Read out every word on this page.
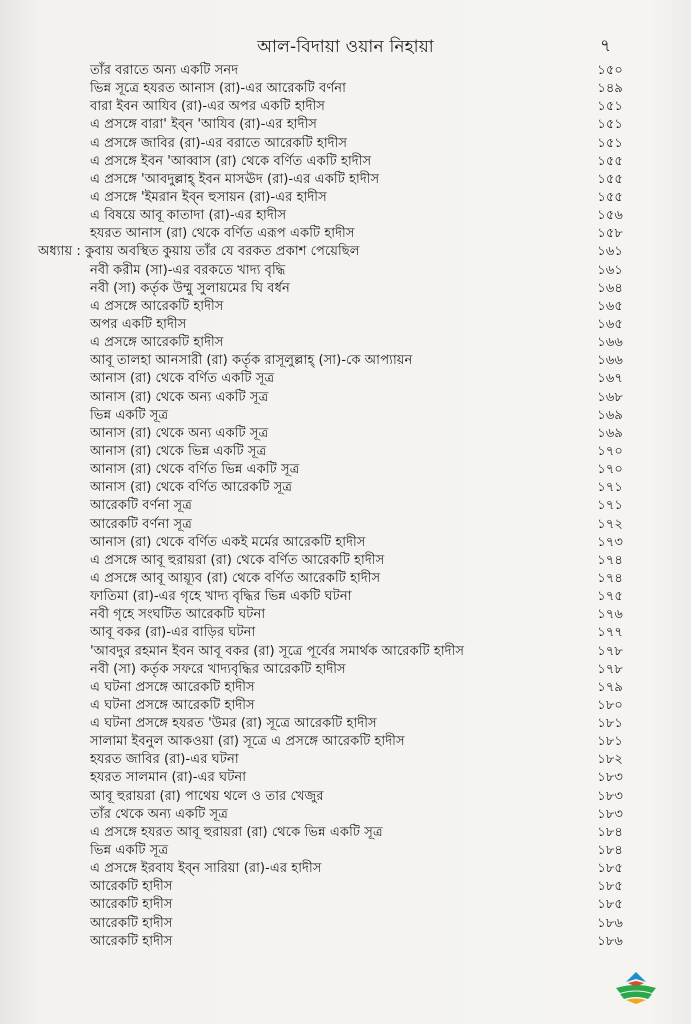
আল-বিদায়া ওয়ান নিহায়া	৭
তাঁর বরাতে অন্য একটি সনদ	১৫০
ভিন্ন সূত্রে হযরত আনাস (রা)-এর আরেকটি বর্ণনা	১৪৯
বারা ইবন আযিব (রা)-এর অপর একটি হাদীস	১৫১
এ প্রসঙ্গে বারা' ইব্‌ন 'আযিব (রা)-এর হাদীস	১৫১
এ প্রসঙ্গে জাবির (রা)-এর বরাতে আরেকটি হাদীস	১৫১
এ প্রসঙ্গে ইবন 'আব্বাস (রা) থেকে বর্ণিত একটি হাদীস	১৫৫
এ প্রসঙ্গে 'আবদুল্লাহ্ ইবন মাসঊদ (রা)-এর একটি হাদীস	১৫৫
এ প্রসঙ্গে 'ইমরান ইব্‌ন হুসায়ন (রা)-এর হাদীস	১৫৫
এ বিষয়ে আবূ কাতাদা (রা)-এর হাদীস	১৫৬
হযরত আনাস (রা) থেকে বর্ণিত এরূপ একটি হাদীস	১৫৮
অধ্যায় : কুবায় অবস্থিত কুয়ায় তাঁর যে বরকত প্রকাশ পেয়েছিল	১৬১
নবী করীম (সা)-এর বরকতে খাদ্য বৃদ্ধি	১৬১
নবী (সা) কর্তৃক উম্মু সুলায়মের ঘি বর্ধন	১৬৪
এ প্রসঙ্গে আরেকটি হাদীস	১৬৫
অপর একটি হাদীস	১৬৫
এ প্রসঙ্গে আরেকটি হাদীস	১৬৬
আবূ তালহা আনসারী (রা) কর্তৃক রাসূলুল্লাহ্ (সা)-কে আপ্যায়ন	১৬৬
আনাস (রা) থেকে বর্ণিত একটি সূত্র	১৬৭
আনাস (রা) থেকে অন্য একটি সূত্র	১৬৮
ভিন্ন একটি সূত্র	১৬৯
আনাস (রা) থেকে অন্য একটি সূত্র	১৬৯
আনাস (রা) থেকে ভিন্ন একটি সূত্র	১৭০
আনাস (রা) থেকে বর্ণিত ভিন্ন একটি সূত্র	১৭০
আনাস (রা) থেকে বর্ণিত আরেকটি সূত্র	১৭১
আরেকটি বর্ণনা সূত্র	১৭১
আরেকটি বর্ণনা সূত্র	১৭২
আনাস (রা) থেকে বর্ণিত একই মর্মের আরেকটি হাদীস	১৭৩
এ প্রসঙ্গে আবূ হুরায়রা (রা) থেকে বর্ণিত আরেকটি হাদীস	১৭৪
এ প্রসঙ্গে আবূ আয়্যূব (রা) থেকে বর্ণিত আরেকটি হাদীস	১৭৪
ফাতিমা (রা)-এর গৃহে খাদ্য বৃদ্ধির ভিন্ন একটি ঘটনা	১৭৫
নবী গৃহে সংঘটিত আরেকটি ঘটনা	১৭৬
আবূ বকর (রা)-এর বাড়ির ঘটনা	১৭৭
'আবদুর রহমান ইবন আবূ বকর (রা) সূত্রে পূর্বের সমার্থক আরেকটি হাদীস	১৭৮
নবী (সা) কর্তৃক সফরে খাদ্যবৃদ্ধির আরেকটি হাদীস	১৭৮
এ ঘটনা প্রসঙ্গে আরেকটি হাদীস	১৭৯
এ ঘটনা প্রসঙ্গে আরেকটি হাদীস	১৮০
এ ঘটনা প্রসঙ্গে হযরত 'উমর (রা) সূত্রে আরেকটি হাদীস	১৮১
সালামা ইবনুল আকওয়া (রা) সূত্রে এ প্রসঙ্গে আরেকটি হাদীস	১৮১
হযরত জাবির (রা)-এর ঘটনা	১৮২
হযরত সালমান (রা)-এর ঘটনা	১৮৩
আবূ হুরায়রা (রা) পাথেয় থলে ও তার খেজুর	১৮৩
তাঁর থেকে অন্য একটি সূত্র	১৮৩
এ প্রসঙ্গে হযরত আবূ হুরায়রা (রা) থেকে ভিন্ন একটি সূত্র	১৮৪
ভিন্ন একটি সূত্র	১৮৪
এ প্রসঙ্গে ইরবায ইব্‌ন সারিয়া (রা)-এর হাদীস	১৮৫
আরেকটি হাদীস	১৮৫
আরেকটি হাদীস	১৮৫
আরেকটি হাদীস	১৮৬
আরেকটি হাদীস	১৮৬
